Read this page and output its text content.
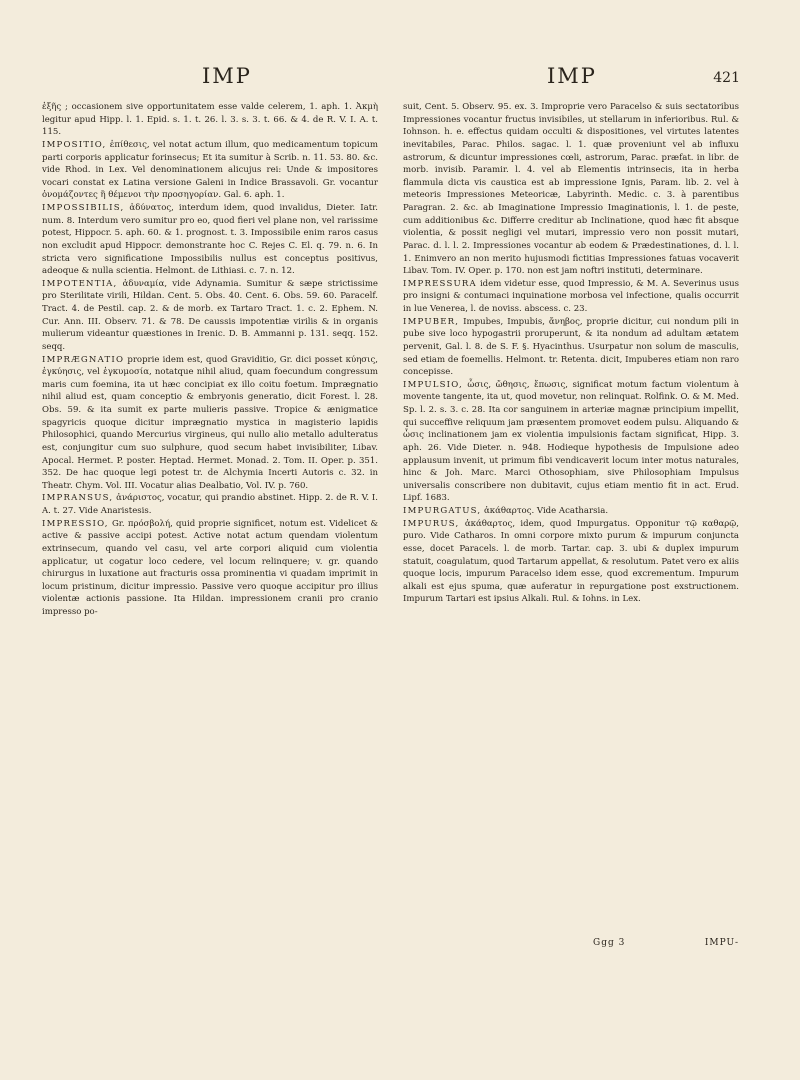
IMP	IMP	421

ἐξῆς ; occasionem sive opportunitatem esse valde celerem, 1. aph. 1. Ἀκμὴ legitur apud Hipp. l. 1. Epid. s. 1. t. 26. l. 3. s. 3. t. 66. & 4. de R. V. I. A. t. 115.

IMPOSITIO, ἐπίθεσις, vel notat actum illum, quo medicamentum topicum parti corporis applicatur forinsecus; Et ita sumitur à Scrib. n. 11. 53. 80. &c. vide Rhod. in Lex. Vel denominationem alicujus rei: Unde & impositores vocari constat ex Latina versione Galeni in Indice Brassavoli. Gr. vocantur ὀνομάζοντες ἢ θέμενοι τὴν προσηγορίαν. Gal. 6. aph. 1.

IMPOSSIBILIS, ἀδύνατος, interdum idem, quod invalidus, Dieter. Iatr. num. 8. Interdum vero sumitur pro eo, quod fieri vel plane non, vel rarissime potest, Hippocr. 5. aph. 60. & 1. prognost. t. 3. Impossibile enim raros casus non excludit apud Hippocr. demonstrante hoc C. Rejes C. El. q. 79. n. 6. In stricta vero significatione Impossibilis nullus est conceptus positivus, adeoque & nulla scientia. Helmont. de Lithiasi. c. 7. n. 12.

IMPOTENTIA, ἀδυναμία, vide Adynamia. Sumitur & sæpe strictissime pro Sterilitate virili, Hildan. Cent. 5. Obs. 40. Cent. 6. Obs. 59. 60. Paracelf. Tract. 4. de Pestil. cap. 2. & de morb. ex Tartaro Tract. 1. c. 2. Ephem. N. Cur. Ann. III. Observ. 71. & 78. De caussis impotentiæ virilis & in organis mulierum videantur quæstiones in Irenic. D. B. Ammanni p. 131. seqq. 152. seqq.

IMPRÆGNATIO proprie idem est, quod Graviditio, Gr. dici posset κύησις, ἐγκύησις, vel ἐγκυμοσία, notatque nihil aliud, quam foecundum congressum maris cum foemina, ita ut hæc concipiat ex illo coitu foetum. Imprægnatio nihil aliud est, quam conceptio & embryonis generatio, dicit Forest. l. 28. Obs. 59. & ita sumit ex parte mulieris passive. Tropice & ænigmatice spagyricis quoque dicitur imprægnatio mystica in magisterio lapidis Philosophici, quando Mercurius virgineus, qui nullo alio metallo adulteratus est, conjungitur cum suo sulphure, quod secum habet invisibiliter, Libav. Apocal. Hermet. P. poster. Heptad. Hermet. Monad. 2. Tom. II. Oper. p. 351. 352. De hac quoque legi potest tr. de Alchymia Incerti Autoris c. 32. in Theatr. Chym. Vol. III. Vocatur alias Dealbatio, Vol. IV. p. 760.

IMPRANSUS, ἀνάριστος, vocatur, qui prandio abstinet. Hipp. 2. de R. V. I. A. t. 27. Vide Anaristesis.

IMPRESSIO, Gr. πρόσβολή, quid proprie significet, notum est. Videlicet & active & passive accipi potest. Active notat actum quendam violentum extrinsecum, quando vel casu, vel arte corpori aliquid cum violentia applicatur, ut cogatur loco cedere, vel locum relinquere; v. gr. quando chirurgus in luxatione aut fracturis ossa prominentia vi quadam imprimit in locum pristinum, dicitur impressio. Passive vero quoque accipitur pro illius violentæ actionis passione. Ita Hildan. impressionem cranii pro cranio impresso po-

suit, Cent. 5. Observ. 95. ex. 3. Improprie vero Paracelso & suis sectatoribus Impressiones vocantur fructus invisibiles, ut stellarum in inferioribus. Rul. & Iohnson. h. e. effectus quidam occulti & dispositiones, vel virtutes latentes inevitabiles, Parac. Philos. sagac. l. 1. quæ proveniunt vel ab influxu astrorum, & dicuntur impressiones cœli, astrorum, Parac. præfat. in libr. de morb. invisib. Paramir. l. 4. vel ab Elementis intrinsecis, ita in herba flammula dicta vis caustica est ab impressione Ignis, Param. lib. 2. vel à meteoris Impressiones Meteoricæ, Labyrinth. Medic. c. 3. à parentibus Paragran. 2. &c. ab Imaginatione Impressio Imaginationis, l. 1. de peste, cum additionibus &c. Differre creditur ab Inclinatione, quod hæc fit absque violentia, & possit negligi vel mutari, impressio vero non possit mutari, Parac. d. l. l. 2. Impressiones vocantur ab eodem & Prædestinationes, d. l. l. 1. Enimvero an non merito hujusmodi fictitias Impressiones fatuas vocaverit Libav. Tom. IV. Oper. p. 170. non est jam noftri instituti, determinare.

IMPRESSURA idem videtur esse, quod Impressio, & M. A. Severinus usus pro insigni & contumaci inquinatione morbosa vel infectione, qualis occurrit in lue Venerea, l. de noviss. abscess. c. 23.

IMPUBER, Impubes, Impubis, ἄνηβος, proprie dicitur, cui nondum pili in pube sive loco hypogastrii proruperunt, & ita nondum ad adultam ætatem pervenit, Gal. l. 8. de S. F. §. Hyacinthus. Usurpatur non solum de masculis, sed etiam de foemellis. Helmont. tr. Retenta. dicit, Impuberes etiam non raro concepisse.

IMPULSIO, ὦσις, ὤθησις, ἔπωσις, significat motum factum violentum à movente tangente, ita ut, quod movetur, non relinquat. Rolfink. O. & M. Med. Sp. l. 2. s. 3. c. 28. Ita cor sanguinem in arteriæ magnæ principium impellit, qui succeffive reliquum jam præsentem promovet eodem pulsu. Aliquando & ὦσις inclinationem jam ex violentia impulsionis factam significat, Hipp. 3. aph. 26. Vide Dieter. n. 948. Hodieque hypothesis de Impulsione adeo applausum invenit, ut primum fibi vendicaverit locum inter motus naturales, hinc & Joh. Marc. Marci Othosophiam, sive Philosophiam Impulsus universalis conscribere non dubitavit, cujus etiam mentio fit in act. Erud. Lipf. 1683.

IMPURGATUS, ἀκάθαρτος. Vide Acatharsia.

IMPURUS, ἀκάθαρτος, idem, quod Impurgatus. Opponitur τῷ καθαρῷ, puro. Vide Catharos. In omni corpore mixto purum & impurum conjuncta esse, docet Paracels. l. de morb. Tartar. cap. 3. ubi & duplex impurum statuit, coagulatum, quod Tartarum appellat, & resolutum. Patet vero ex aliis quoque locis, impurum Paracelso idem esse, quod excrementum. Impurum alkali est ejus spuma, quæ auferatur in repurgatione post exstructionem. Impurum Tartari est ipsius Alkali. Rul. & Iohns. in Lex.

Ggg 3	IMPU-
